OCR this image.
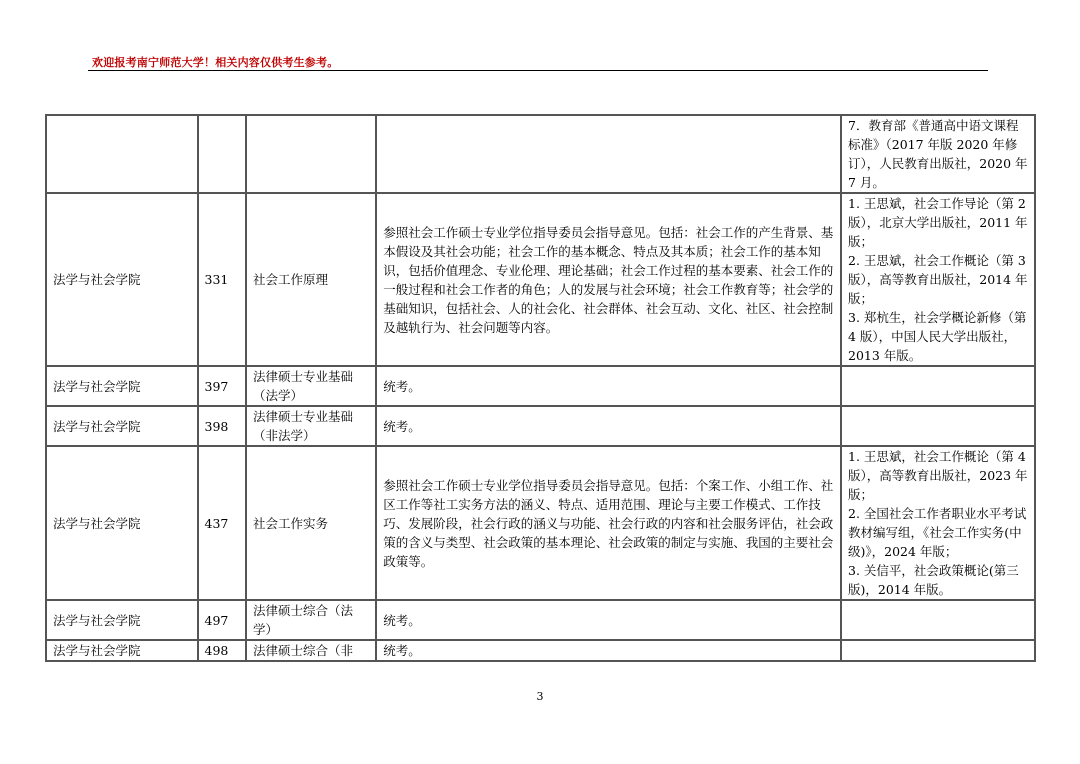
欢迎报考南宁师范大学！相关内容仅供考生参考。

				7．教育部《普通高中语文课程标准》（2017 年版 2020 年修订），人民教育出版社，2020 年 7 月。

法学与社会学院	331	社会工作原理	参照社会工作硕士专业学位指导委员会指导意见。包括：社会工作的产生背景、基本假设及其社会功能；社会工作的基本概念、特点及其本质；社会工作的基本知识，包括价值理念、专业伦理、理论基础；社会工作过程的基本要素、社会工作的一般过程和社会工作者的角色；人的发展与社会环境；社会工作教育等；社会学的基础知识，包括社会、人的社会化、社会群体、社会互动、文化、社区、社会控制及越轨行为、社会问题等内容。	1. 王思斌，社会工作导论（第 2 版），北京大学出版社，2011 年版；
2. 王思斌，社会工作概论（第 3 版），高等教育出版社，2014 年版；
3. 郑杭生，社会学概论新修（第 4 版），中国人民大学出版社，2013 年版。

法学与社会学院	397	法律硕士专业基础（法学）	统考。	
法学与社会学院	398	法律硕士专业基础（非法学）	统考。	
法学与社会学院	437	社会工作实务	参照社会工作硕士专业学位指导委员会指导意见。包括：个案工作、小组工作、社区工作等社工实务方法的涵义、特点、适用范围、理论与主要工作模式、工作技巧、发展阶段，社会行政的涵义与功能、社会行政的内容和社会服务评估，社会政策的含义与类型、社会政策的基本理论、社会政策的制定与实施、我国的主要社会政策等。	1. 王思斌，社会工作概论（第 4 版），高等教育出版社，2023 年版；
2. 全国社会工作者职业水平考试教材编写组，《社会工作实务(中级)》，2024 年版；
3. 关信平，社会政策概论(第三版)，2014 年版。

法学与社会学院	497	法律硕士综合（法学）	统考。	
法学与社会学院	498	法律硕士综合（非	统考。	
3
